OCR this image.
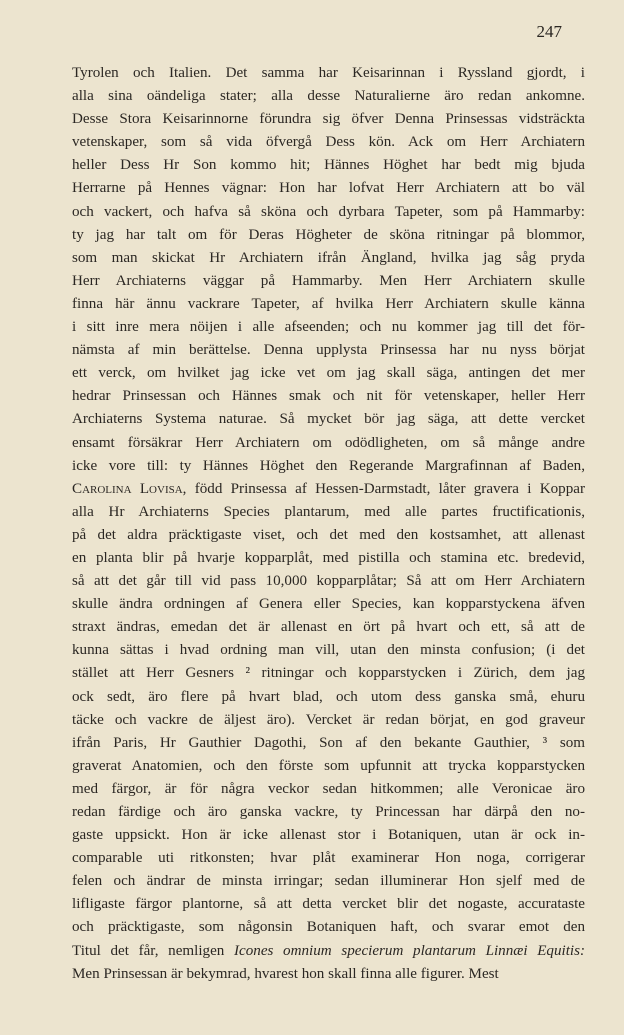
247
Tyrolen och Italien. Det samma har Keisarinnan i Ryssland gjordt, i
alla sina oändeliga stater; alla desse Naturalierne äro redan ankomne.
Desse Stora Keisarinnorne förundra sig öfver Denna Prinsessas vidsträckta
vetenskaper, som så vida öfvergå Dess kön. Ack om Herr Archiatern
heller Dess Hr Son kommo hit; Hännes Höghet har bedt mig bjuda
Herrarne på Hennes vägnar: Hon har lofvat Herr Archiatern att bo väl
och vackert, och hafva så sköna och dyrbara Tapeter, som på Hammarby:
ty jag har talt om för Deras Högheter de sköna ritningar på blommor,
som man skickat Hr Archiatern ifrån Ängland, hvilka jag såg pryda
Herr Archiaterns väggar på Hammarby. Men Herr Archiatern skulle
finna här ännu vackrare Tapeter, af hvilka Herr Archiatern skulle känna
i sitt inre mera nöijen i alle afseenden; och nu kommer jag till det för-
nämsta af min berättelse. Denna upplysta Prinsessa har nu nyss börjat
ett verck, om hvilket jag icke vet om jag skall säga, antingen det mer
hedrar Prinsessan och Hännes smak och nit för vetenskaper, heller Herr
Archiaterns Systema naturae. Så mycket bör jag säga, att dette vercket
ensamt försäkrar Herr Archiatern om odödligheten, om så månge andre
icke vore till: ty Hännes Höghet den Regerande Margrafinnan af Baden,
Carolina Lovisa, född Prinsessa af Hessen-Darmstadt, låter gravera i Koppar
alla Hr Archiaterns Species plantarum, med alle partes fructificationis,
på det aldra präcktigaste viset, och det med den kostsamhet, att allenast
en planta blir på hvarje kopparplåt, med pistilla och stamina etc. bredevid,
så att det går till vid pass 10,000 kopparplåtar; Så att om Herr Archiatern
skulle ändra ordningen af Genera eller Species, kan kopparstyckena äfven
straxt ändras, emedan det är allenast en ört på hvart och ett, så att de
kunna sättas i hvad ordning man vill, utan den minsta confusion; (i det
stället att Herr Gesners ² ritningar och kopparstycken i Zürich, dem jag
ock sedt, äro flere på hvart blad, och utom dess ganska små, ehuru
täcke och vackre de äljest äro). Vercket är redan börjat, en god graveur
ifrån Paris, Hr Gauthier Dagothi, Son af den bekante Gauthier, ³ som
graverat Anatomien, och den förste som upfunnit att trycka kopparstycken
med färgor, är för några veckor sedan hitkommen; alle Veronicae äro
redan färdige och äro ganska vackre, ty Princessan har därpå den no-
gaste uppsickt. Hon är icke allenast stor i Botaniquen, utan är ock in-
comparable uti ritkonsten; hvar plåt examinerar Hon noga, corrigerar
felen och ändrar de minsta irringar; sedan illuminerar Hon sjelf med de
lifligaste färgor plantorne, så att detta vercket blir det nogaste, accurataste
och präcktigaste, som någonsin Botaniquen haft, och svarar emot den
Titul det får, nemligen Icones omnium specierum plantarum Linnæi Equitis:
Men Prinsessan är bekymrad, hvarest hon skall finna alle figurer. Mest
